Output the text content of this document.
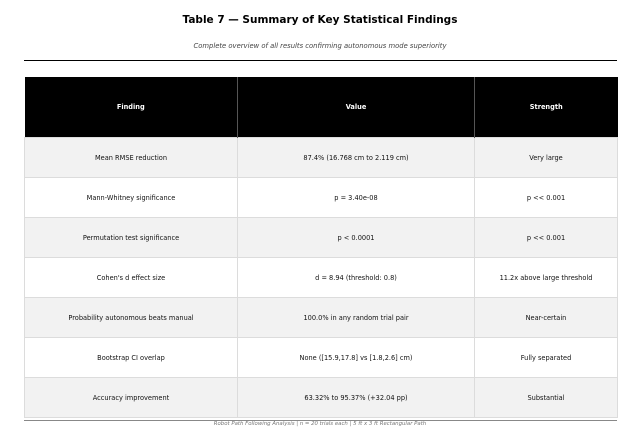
Table 7 — Summary of Key Statistical Findings
Complete overview of all results confirming autonomous mode superiority
Finding	Value	Strength
Mean RMSE reduction	87.4% (16.768 cm to 2.119 cm)	Very large
Mann-Whitney significance	p = 3.40e-08	p << 0.001
Permutation test significance	p < 0.0001	p << 0.001
Cohen's d effect size	d = 8.94 (threshold: 0.8)	11.2x above large threshold
Probability autonomous beats manual	100.0% in any random trial pair	Near-certain
Bootstrap CI overlap	None ([15.9,17.8] vs [1.8,2.6] cm)	Fully separated
Accuracy improvement	63.32% to 95.37% (+32.04 pp)	Substantial
Robot Path Following Analysis | n = 20 trials each | 5 ft x 3 ft Rectangular Path
